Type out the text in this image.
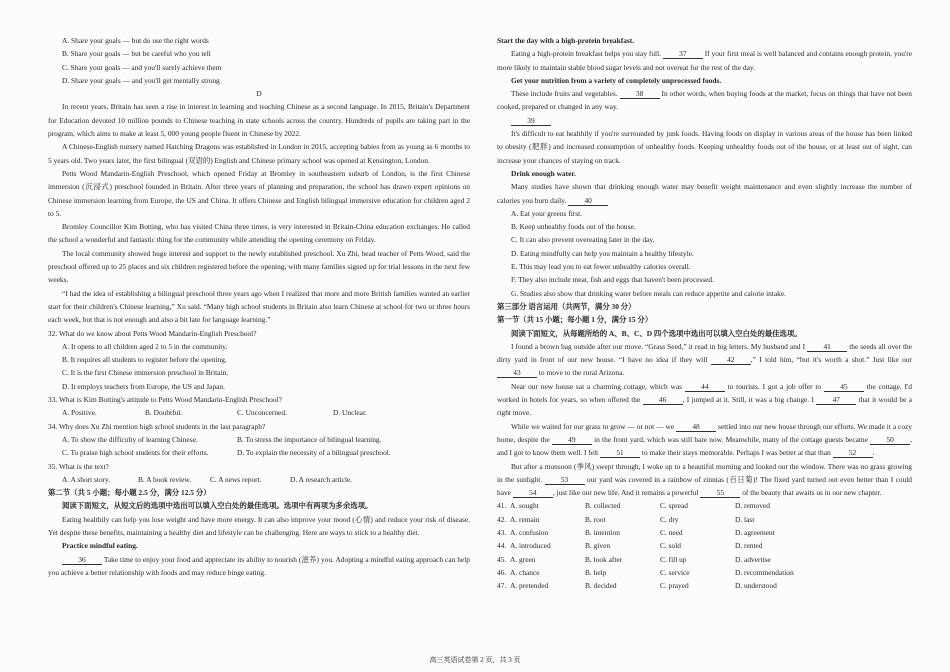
A. Share your goals — but do use the right words
B. Share your goals — but be careful who you tell
C. Share your goals — and you'll surely achieve them
D. Share your goals — and you'll get mentally strong
D

In recent years, Britain has seen a rise in interest in learning and teaching Chinese as a second language. In 2015, Britain's Department for Education devoted 10 million pounds to Chinese teaching in state schools across the country. Hundreds of pupils are taking part in the program, which aims to make at least 5, 000 young people fluent in Chinese by 2022.

A Chinese-English nursery named Hatching Dragons was established in London in 2015, accepting babies from as young as 6 months to 5 years old. Two years later, the first bilingual (双语的) English and Chinese primary school was opened at Kensington, London.

Petts Wood Mandarin-English Preschool, which opened Friday at Bromley in southeastern suburb of London, is the first Chinese immersion (沉浸式) preschool founded in Britain. After three years of planning and preparation, the school has drawn expert opinions on Chinese immersion learning from Europe, the US and China. It offers Chinese and English bilingual immersive education for children aged 2 to 5.

Bromley Councillor Kim Botting, who has visited China three times, is very interested in Britain-China education exchanges. He called the school a wonderful and fantastic thing for the community while attending the opening ceremony on Friday.

The local community showed huge interest and support to the newly established preschool. Xu Zhi, head teacher of Petts Wood, said the preschool offered up to 25 places and six children registered before the opening, with many families signed up for trial lessons in the next few weeks.

“I had the idea of establishing a bilingual preschool three years ago when I realized that more and more British families wanted an earlier start for their children's Chinese learning,” Xu said. “Many high school students in Britain also learn Chinese at school for two or three hours each week, but that is not enough and also a bit late for language learning.”

32. What do we know about Petts Wood Mandarin-English Preschool?
A. It opens to all children aged 2 to 5 in the community.
B. It requires all students to register before the opening.
C. It is the first Chinese immersion preschool in Britain.
D. It employs teachers from Europe, the US and Japan.
33. What is Kim Botting's attitude to Petts Wood Mandarin-English Preschool?
A. Positive.	B. Doubtful.	C. Unconcerned.	D. Unclear.
34. Why does Xu Zhi mention high school students in the last paragraph?
A. To show the difficulty of learning Chinese.	B. To stress the importance of bilingual learning.
C. To praise high school students for their efforts.	D. To explain the necessity of a bilingual preschool.
35. What is the text?
A. A short story.	B. A book review.	C. A news report.	D. A research article.
第二节（共 5 小题；每小题 2.5 分，满分 12.5 分）
阅读下面短文，从短文后的选项中选出可以填入空白处的最佳选项。选项中有两项为多余选项。

Eating healthily can help you lose weight and have more energy. It can also improve your mood (心情) and reduce your risk of disease. Yet despite these benefits, maintaining a healthy diet and lifestyle can be challenging. Here are ways to stick to a healthy diet.

Practice mindful eating.

36 Take time to enjoy your food and appreciate its ability to nourish (滋养) you. Adopting a mindful eating approach can help you achieve a better relationship with foods and may reduce binge eating.

Start the day with a high-protein breakfast.

Eating a high-protein breakfast helps you stay full. 37 If your first meal is well balanced and contains enough protein, you're more likely to maintain stable blood sugar levels and not overeat for the rest of the day.

Get your nutrition from a variety of completely unprocessed foods.

These include fruits and vegetables. 38 In other words, when buying foods at the market, focus on things that have not been cooked, prepared or changed in any way.

39

It's difficult to eat healthily if you're surrounded by junk foods. Having foods on display in various areas of the house has been linked to obesity (肥胖) and increased consumption of unhealthy foods. Keeping unhealthy foods out of the house, or at least out of sight, can increase your chances of staying on track.

Drink enough water.

Many studies have shown that drinking enough water may benefit weight maintenance and even slightly increase the number of calories you burn daily. 40

A. Eat your greens first.
B. Keep unhealthy foods out of the house.
C. It can also prevent overeating later in the day.
D. Eating mindfully can help you maintain a healthy lifestyle.
E. This may lead you to eat fewer unhealthy calories overall.
F. They also include meat, fish and eggs that haven't been processed.
G. Studies also show that drinking water before meals can reduce appetite and calorie intake.
第三部分 语言运用（共两节，满分 30 分）
第一节（共 15 小题；每小题 1 分，满分 15 分）
阅读下面短文，从每题所给的 A、B、C、D 四个选项中选出可以填入空白处的最佳选项。

I found a brown bag outside after our move. “Grass Seed,” it read in big letters. My husband and I 41 the seeds all over the dirty yard in front of our new house. “I have no idea if they will 42 ,” I told him, “but it's worth a shot.” Just like our 43 to move to the rural Arizona.

Near our new house sat a charming cottage, which was 44 to tourists. I got a job offer to 45 the cottage. I'd worked in hotels for years, so when offered the 46 , I jumped at it. Still, it was a big change. I 47 that it would be a right move.

While we waited for our grass to grow — or not — we 48 settled into our new house through our efforts. We made it a cozy home, despite the 49 in the front yard, which was still bare now. Meanwhile, many of the cottage guests became 50 , and I got to know them well. I felt 51 to make their stays memorable. Perhaps I was better at that than 52 .

But after a monsoon (季风) swept through, I woke up to a beautiful morning and looked out the window. There was no grass growing in the sunlight. 53 our yard was covered in a rainbow of zinnias (百日菊)! The fixed yard turned out even better than I could have 54 , just like our new life. And it remains a powerful 55 of the beauty that awaits us in our new chapter.

41. A. sought	B. collected	C. spread	D. removed
42. A. remain	B. root	C. dry	D. last
43. A. confusion	B. intention	C. need	D. agreement
44. A. introduced	B. given	C. sold	D. rented
45. A. green	B. look after	C. fill up	D. advertise
46. A. chance	B. help	C. service	D. recommendation
47. A. pretended	B. decided	C. prayed	D. understood
高三英语试卷第 2 页，共 3 页
